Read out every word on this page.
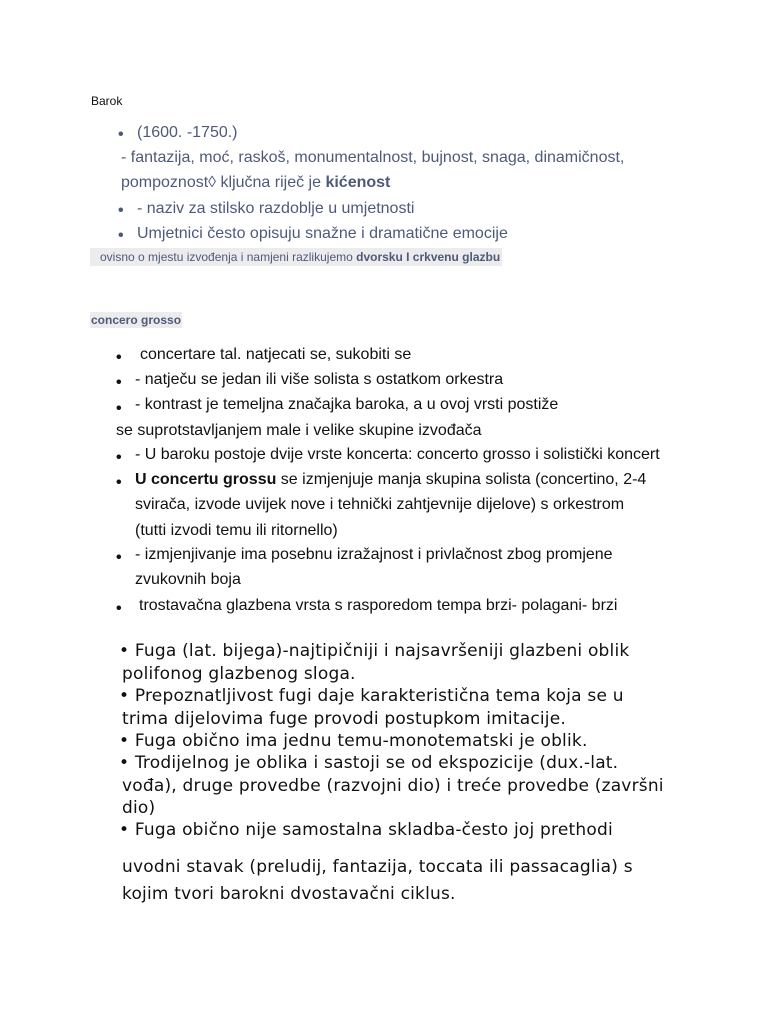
Barok
• (1600. -1750.)
- fantazija, moć, raskoš, monumentalnost, bujnost, snaga, dinamičnost,
pompoznost◊ ključna riječ je kićenost
• - naziv za stilsko razdoblje u umjetnosti
• Umjetnici često opisuju snažne i dramatične emocije
ovisno o mjestu izvođenja i namjeni razlikujemo dvorsku I crkvenu glazbu
concero grosso
• concertare tal. natjecati se, sukobiti se
• - natječu se jedan ili više solista s ostatkom orkestra
• - kontrast je temeljna značajka baroka, a u ovoj vrsti postiže
se suprotstavljanjem male i velike skupine izvođača
• - U baroku postoje dvije vrste koncerta: concerto grosso i solistički koncert
• U concertu grossu se izmjenjuje manja skupina solista (concertino, 2-4
svirača, izvode uvijek nove i tehnički zahtjevnije dijelove) s orkestrom
(tutti izvodi temu ili ritornello)
• - izmjenjivanje ima posebnu izražajnost i privlačnost zbog promjene
zvukovnih boja
• trostavačna glazbena vrsta s rasporedom tempa brzi- polagani- brzi
• Fuga (lat. bijega)-najtipičniji i najsavršeniji glazbeni oblik
polifonog glazbenog sloga.
• Prepoznatljivost fugi daje karakteristična tema koja se u
trima dijelovima fuge provodi postupkom imitacije.
• Fuga obično ima jednu temu-monotematski je oblik.
• Trodijelnog je oblika i sastoji se od ekspozicije (dux.-lat.
vođa), druge provedbe (razvojni dio) i treće provedbe (završni
dio)
• Fuga obično nije samostalna skladba-često joj prethodi
uvodni stavak (preludij, fantazija, toccata ili passacaglia) s
kojim tvori barokni dvostavačni ciklus.
